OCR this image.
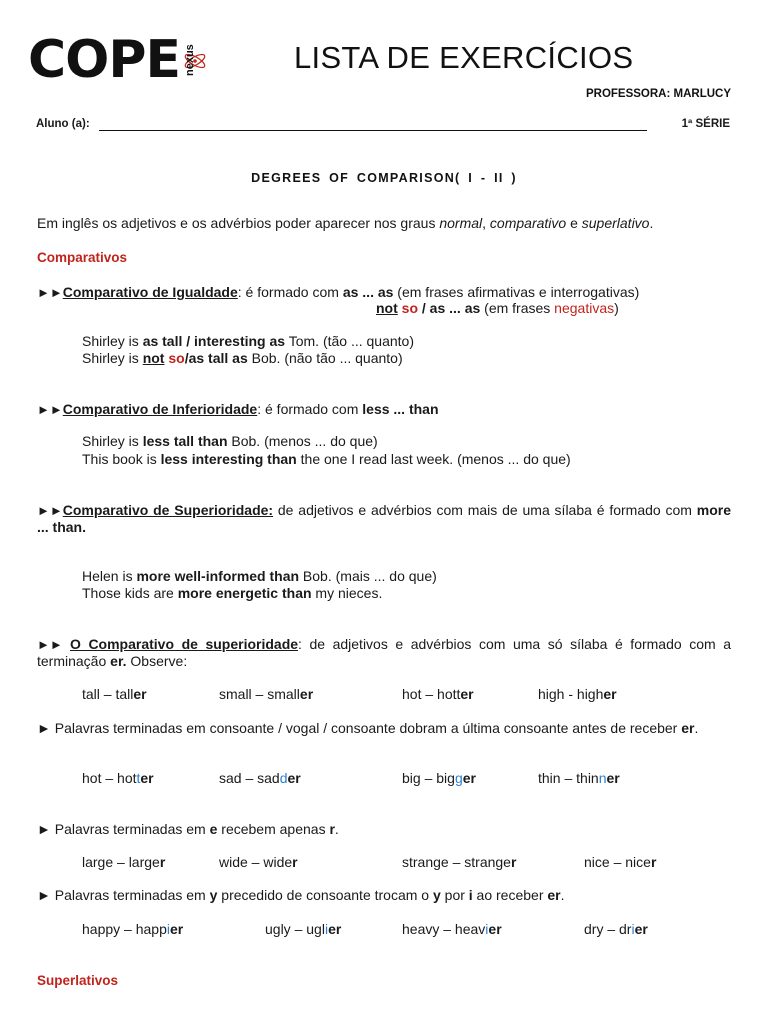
COPE nexus	LISTA DE EXERCÍCIOS
PROFESSORA: MARLUCY
Aluno (a):	1ª SÉRIE
DEGREES OF COMPARISON( I - II )
Em inglês os adjetivos e os advérbios poder aparecer nos graus normal, comparativo e superlativo.
Comparativos
►►Comparativo de Igualdade: é formado com as ... as (em frases afirmativas e interrogativas)
not so / as ... as (em frases negativas)
Shirley is as tall / interesting as Tom. (tão ... quanto)
Shirley is not so/as tall as Bob. (não tão ... quanto)
►►Comparativo de Inferioridade: é formado com less ... than
Shirley is less tall than Bob. (menos ... do que)
This book is less interesting than the one I read last week. (menos ... do que)
►►Comparativo de Superioridade: de adjetivos e advérbios com mais de uma sílaba é formado com more ... than.
Helen is more well-informed than Bob. (mais ... do que)
Those kids are more energetic than my nieces.
►► O Comparativo de superioridade: de adjetivos e advérbios com uma só sílaba é formado com a terminação er. Observe:
tall – taller	small – smaller	hot – hotter	high - higher
► Palavras terminadas em consoante / vogal / consoante dobram a última consoante antes de receber er.
hot – hotter	sad – sadder	big – bigger	thin – thinner
► Palavras terminadas em e recebem apenas r.
large – larger	wide – wider	strange – stranger	nice – nicer
► Palavras terminadas em y precedido de consoante trocam o y por i ao receber er.
happy – happier	ugly – uglier	heavy – heavier	dry – drier
Superlativos
